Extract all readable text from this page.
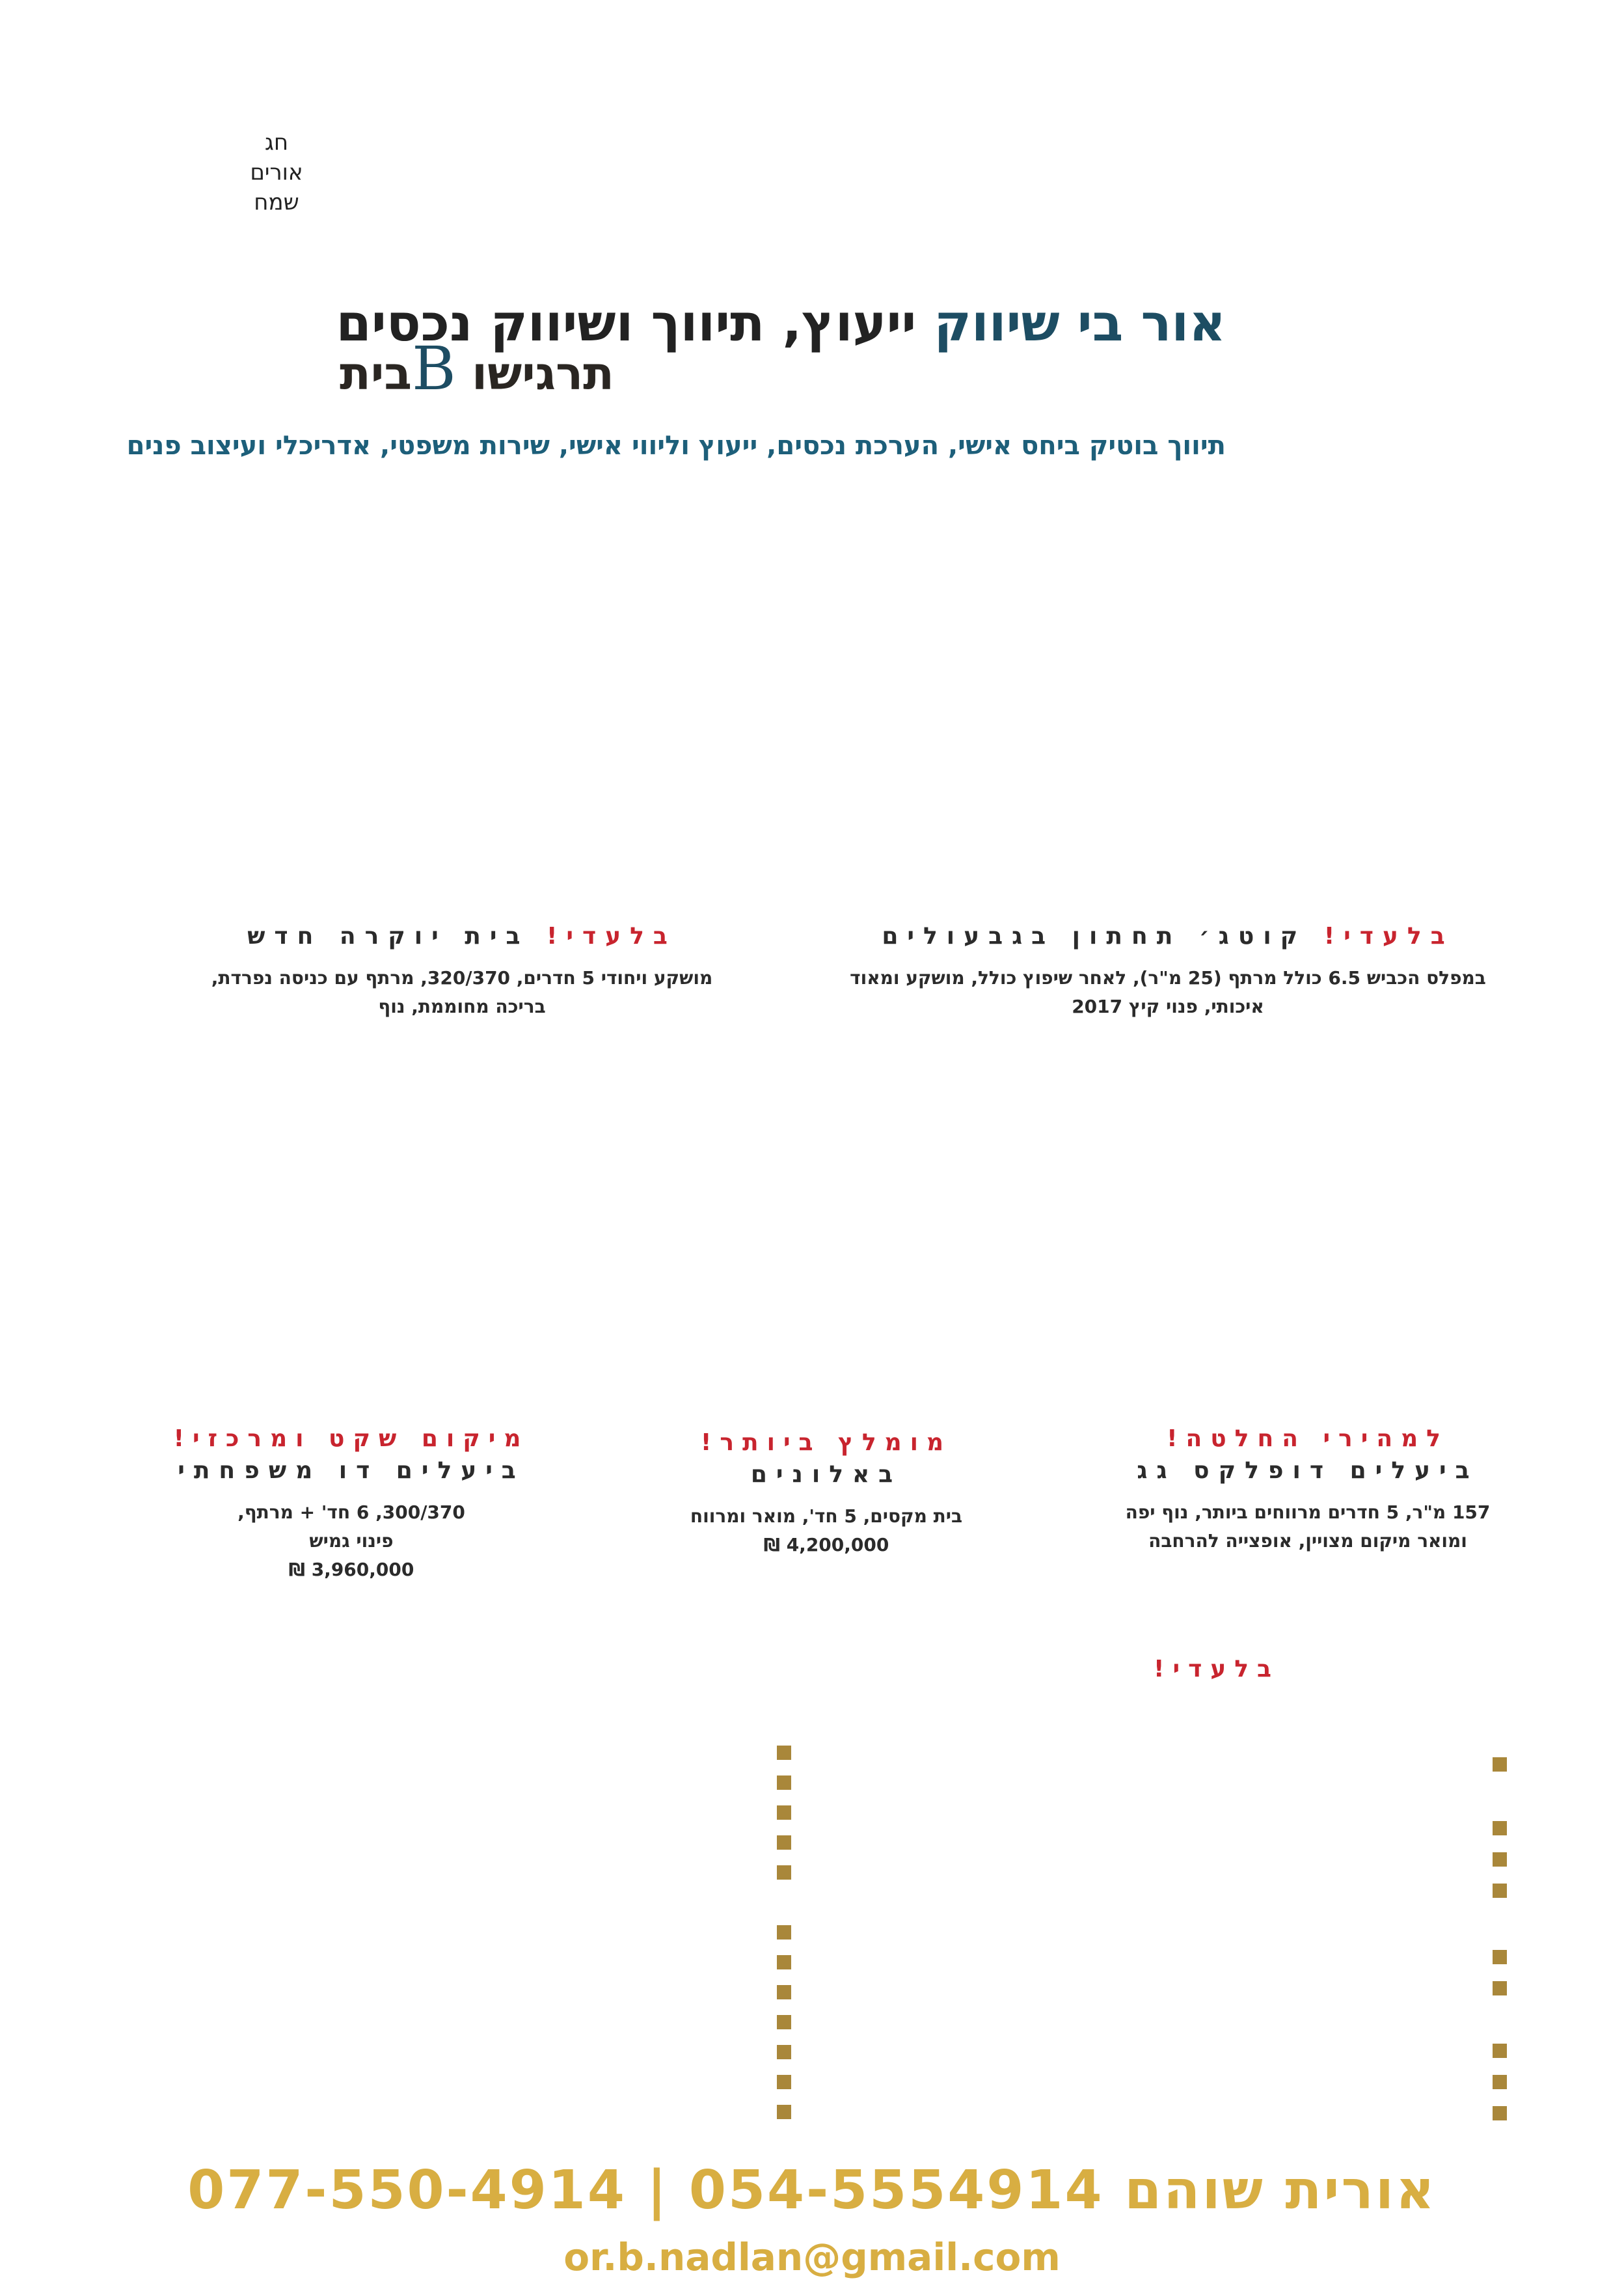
חג
אורים
שמח
אור בי שיווק ייעוץ, תיווך ושיווק נכסים
תרגישו Bבית
תיווך בוטיק ביחס אישי, הערכת נכסים, ייעוץ וליווי אישי, שירות משפטי, אדריכלי ועיצוב פנים
בלעדי! קוטג׳ תחתון בגבעולים
במפלס הכביש 6.5 כולל מרתף (25 מ"ר), לאחר שיפוץ כולל, מושקע ומאוד
איכותי, פנוי קיץ 2017
בלעדי! בית יוקרה חדש
מושקע ויחודי 5 חדרים, 320/370, מרתף עם כניסה נפרדת,
בריכה מחוממת, נוף
למהירי החלטה!
ביעלים דופלקס גג
157 מ"ר, 5 חדרים מרווחים ביותר, נוף יפה
ומואר מיקום מצויין, אופצייה להרחבה
מומלץ ביותר!
באלונים
בית מקסים, 5 חד', מואר ומרווח
4,200,000 ₪
מיקום שקט ומרכזי!
ביעלים דו משפחתי
300/370, 6 חד' + מרתף,
פינוי גמיש
3,960,000 ₪
בלעדי!
אורית שוהם 054-5554914 | 077-550-4914
or.b.nadlan@gmail.com
